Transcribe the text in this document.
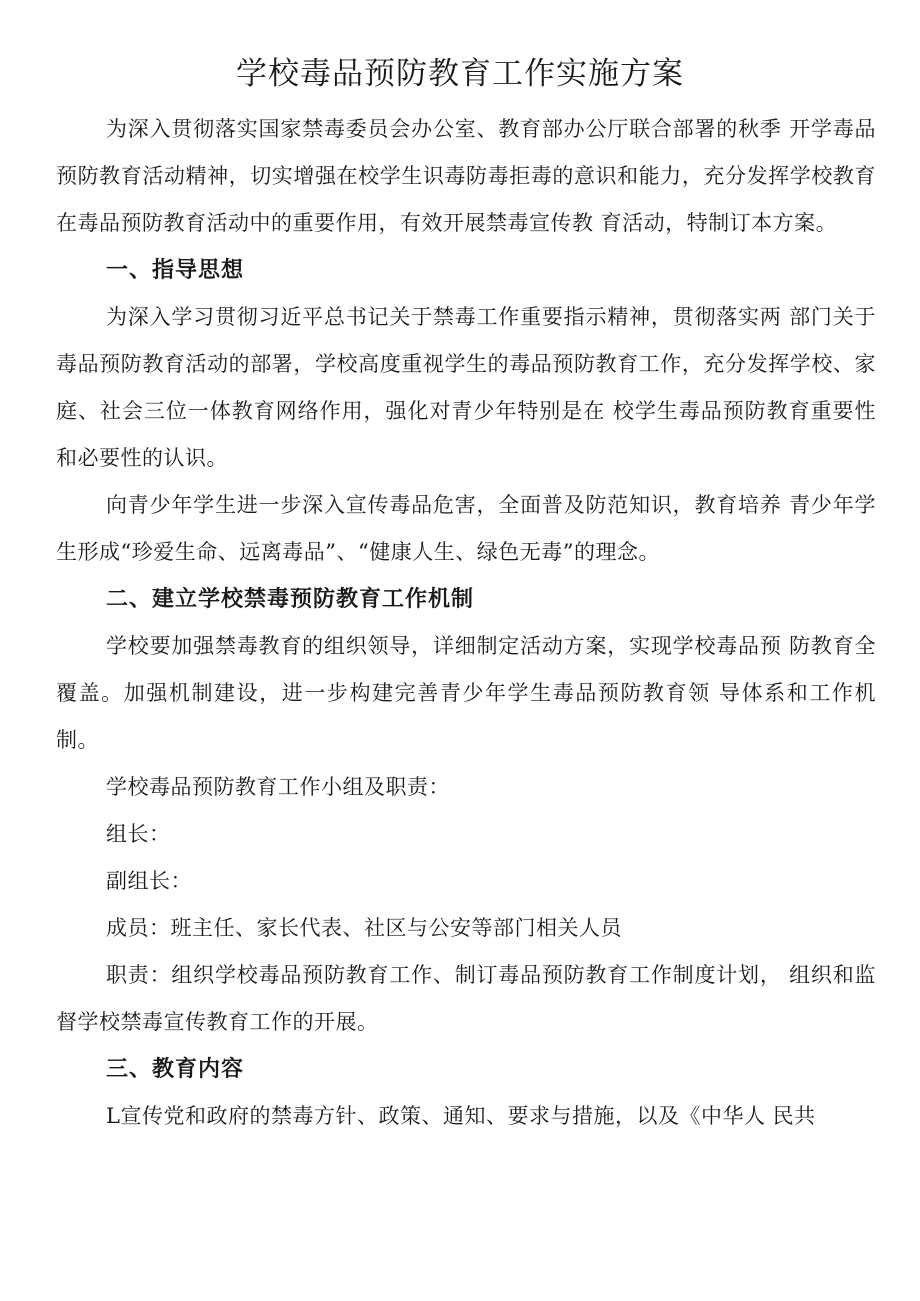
学校毒品预防教育工作实施方案

为深入贯彻落实国家禁毒委员会办公室、教育部办公厅联合部署的秋季 开学毒品预防教育活动精神，切实增强在校学生识毒防毒拒毒的意识和能力，充分发挥学校教育在毒品预防教育活动中的重要作用，有效开展禁毒宣传教 育活动，特制订本方案。

一、指导思想

为深入学习贯彻习近平总书记关于禁毒工作重要指示精神，贯彻落实两 部门关于毒品预防教育活动的部署，学校高度重视学生的毒品预防教育工作，充分发挥学校、家庭、社会三位一体教育网络作用，强化对青少年特别是在 校学生毒品预防教育重要性和必要性的认识。

向青少年学生进一步深入宣传毒品危害，全面普及防范知识，教育培养 青少年学生形成“珍爱生命、远离毒品”、“健康人生、绿色无毒”的理念。

二、建立学校禁毒预防教育工作机制

学校要加强禁毒教育的组织领导，详细制定活动方案，实现学校毒品预 防教育全覆盖。加强机制建设，进一步构建完善青少年学生毒品预防教育领 导体系和工作机制。

学校毒品预防教育工作小组及职责：

组长：

副组长：

成员：班主任、家长代表、社区与公安等部门相关人员

职责：组织学校毒品预防教育工作、制订毒品预防教育工作制度计划， 组织和监督学校禁毒宣传教育工作的开展。

三、教育内容

L宣传党和政府的禁毒方针、政策、通知、要求与措施，以及《中华人 民共
